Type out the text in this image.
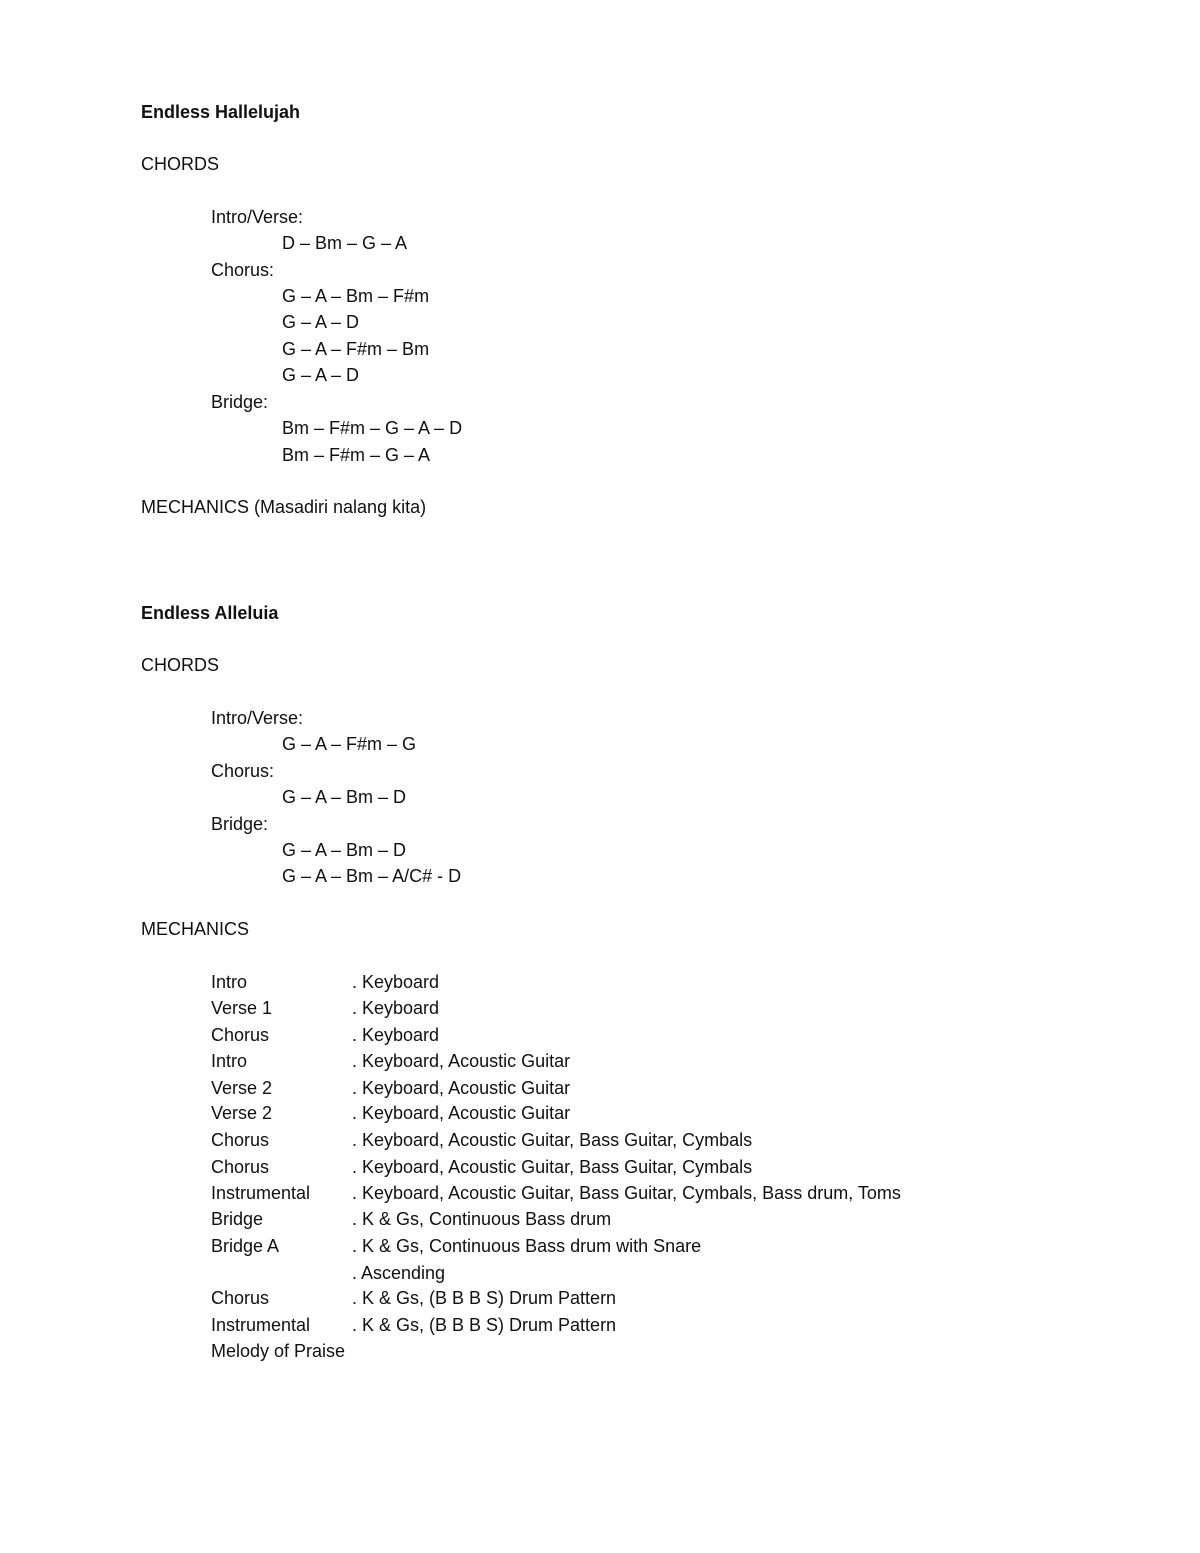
Endless Hallelujah
CHORDS
Intro/Verse:
D – Bm – G – A
Chorus:
G – A – Bm – F#m
G – A – D
G – A – F#m – Bm
G – A – D
Bridge:
Bm – F#m – G – A – D
Bm – F#m – G – A
MECHANICS (Masadiri nalang kita)
Endless Alleluia
CHORDS
Intro/Verse:
G – A – F#m – G
Chorus:
G – A – Bm – D
Bridge:
G – A – Bm – D
G – A – Bm – A/C# - D
MECHANICS
Intro	. Keyboard
Verse 1	. Keyboard
Chorus	. Keyboard
Intro	. Keyboard, Acoustic Guitar
Verse 2	. Keyboard, Acoustic Guitar
Verse 2	. Keyboard, Acoustic Guitar
Chorus	. Keyboard, Acoustic Guitar, Bass Guitar, Cymbals
Chorus	. Keyboard, Acoustic Guitar, Bass Guitar, Cymbals
Instrumental . Keyboard, Acoustic Guitar, Bass Guitar, Cymbals, Bass drum, Toms
Bridge	. K & Gs, Continuous Bass drum
Bridge A	. K & Gs, Continuous Bass drum with Snare
. Ascending
Chorus	. K & Gs, (B B B S) Drum Pattern
Instrumental . K & Gs, (B B B S) Drum Pattern
Melody of Praise
